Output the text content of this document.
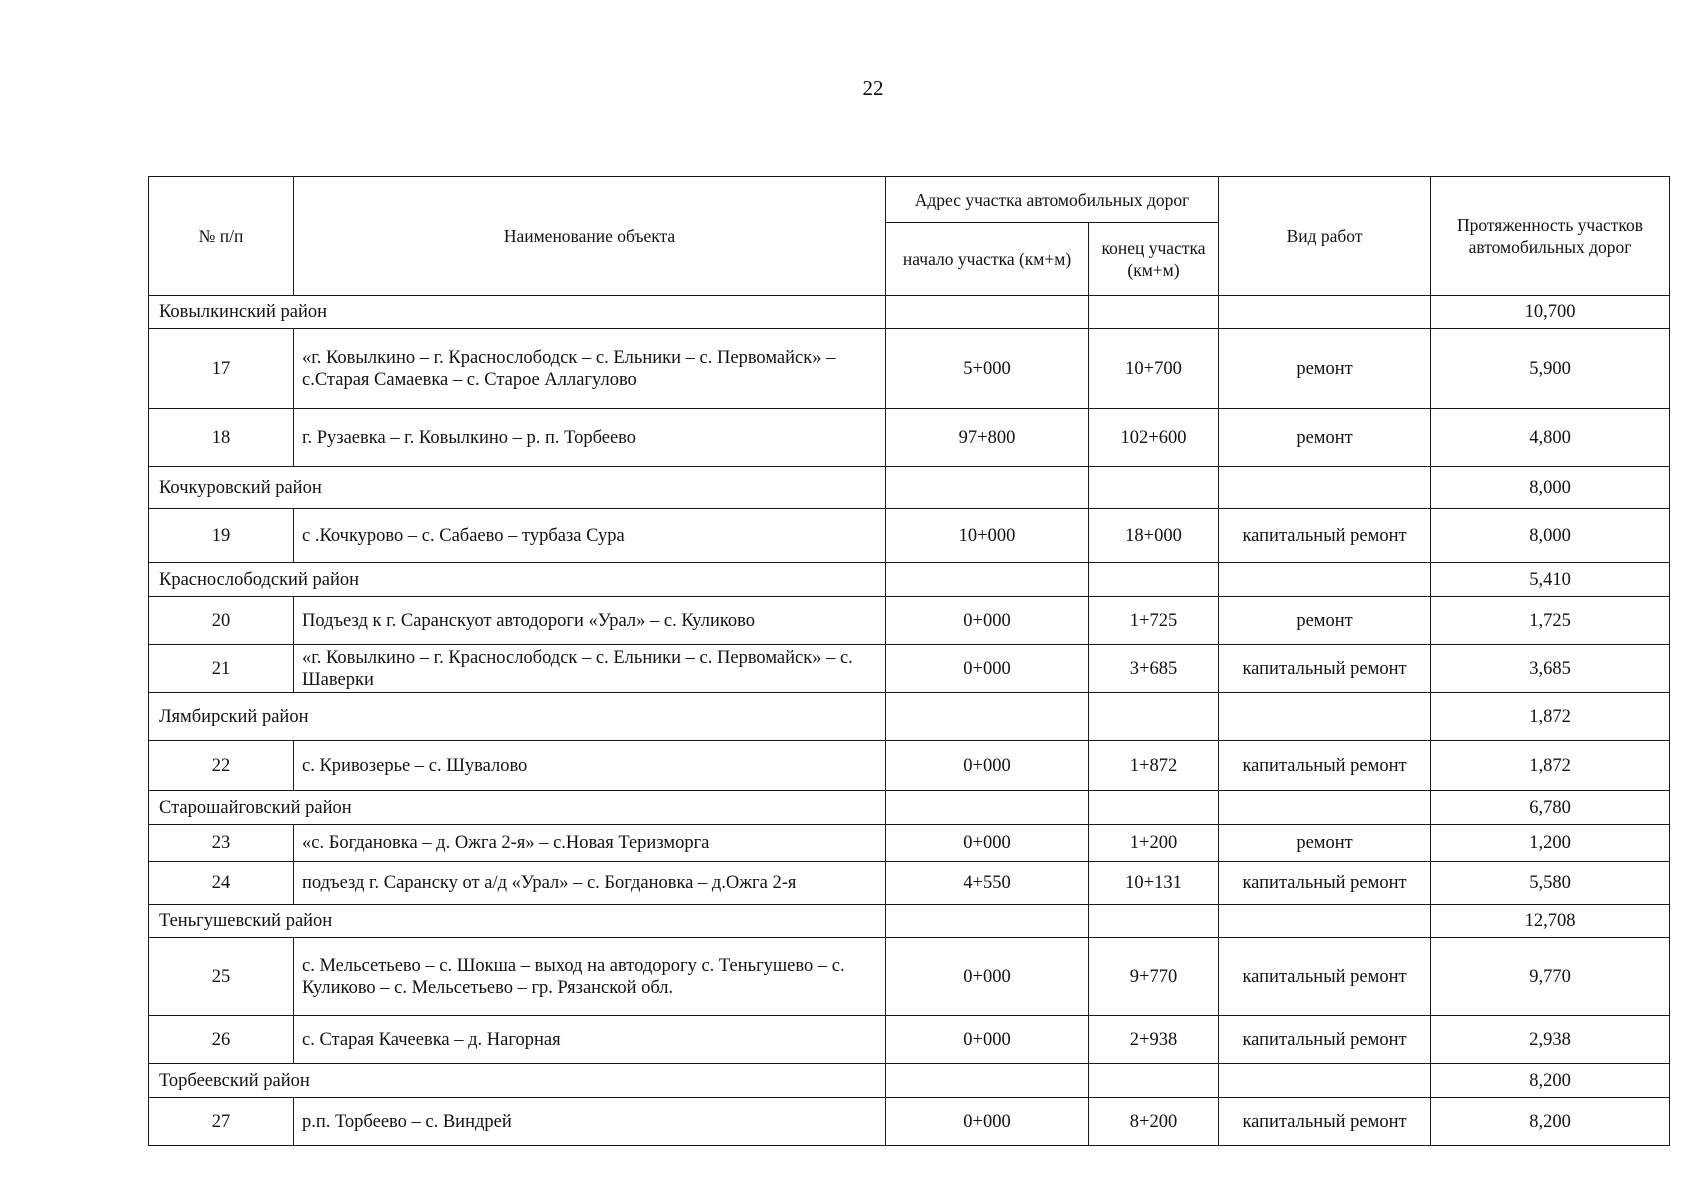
22
№ п/п	Наименование объекта	Адрес участка автомобильных дорог		Вид работ	Протяженность участков автомобильных дорог
		начало участка (км+м)	конец участка (км+м)		
Ковылкинский район					10,700
17	«г. Ковылкино – г. Краснослободск – с. Ельники – с. Первомайск» – с.Старая Самаевка – с. Старое Аллагулово	5+000	10+700	ремонт	5,900
18	г. Рузаевка – г. Ковылкино – р. п. Торбеево	97+800	102+600	ремонт	4,800
Кочкуровский район					8,000
19	с .Кочкурово – с. Сабаево – турбаза Сура	10+000	18+000	капитальный ремонт	8,000
Краснослободский район					5,410
20	Подъезд к г. Саранскуот автодороги «Урал» – с. Куликово	0+000	1+725	ремонт	1,725
21	«г. Ковылкино – г. Краснослободск – с. Ельники – с. Первомайск» – с. Шаверки	0+000	3+685	капитальный ремонт	3,685
Лямбирский район					1,872
22	с. Кривозерье – с. Шувалово	0+000	1+872	капитальный ремонт	1,872
Старошайговский район					6,780
23	«с. Богдановка – д. Ожга 2-я» – с.Новая Теризморга	0+000	1+200	ремонт	1,200
24	подъезд г. Саранску от а/д «Урал» – с. Богдановка – д.Ожга 2-я	4+550	10+131	капитальный ремонт	5,580
Теньгушевский район					12,708
25	с. Мельсетьево – с. Шокша – выход на автодорогу с. Теньгушево – с. Куликово – с. Мельсетьево – гр. Рязанской обл.	0+000	9+770	капитальный ремонт	9,770
26	с. Старая Качеевка – д. Нагорная	0+000	2+938	капитальный ремонт	2,938
Торбеевский район					8,200
27	р.п. Торбеево – с. Виндрей	0+000	8+200	капитальный ремонт	8,200
